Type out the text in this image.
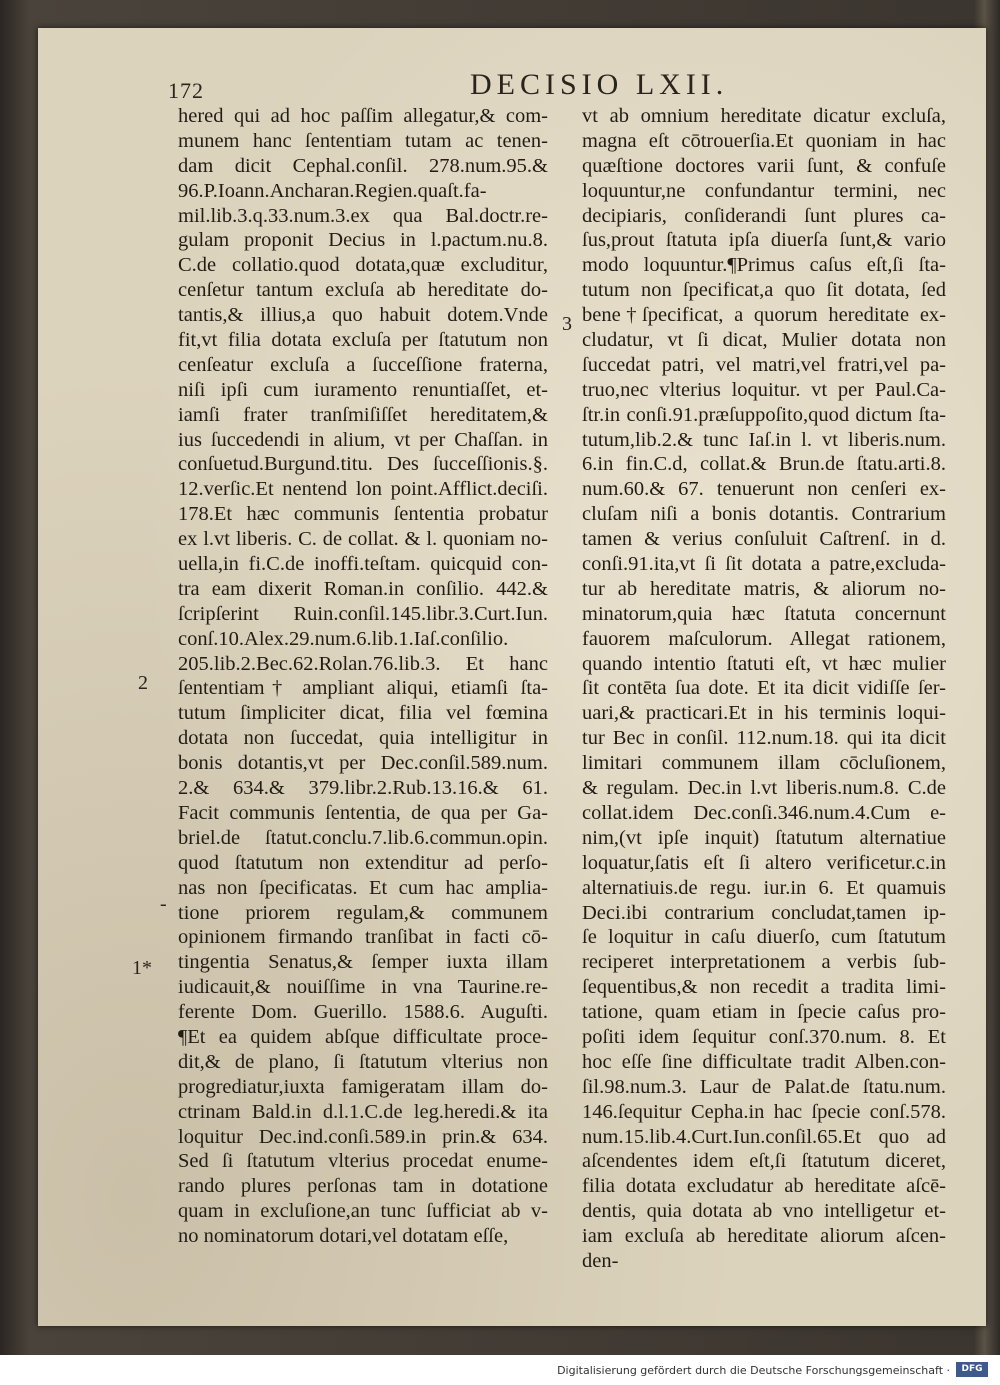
172	DECISIO LXII.
2
3
-
1*
hered qui ad hoc paſſim allegatur,& com-
munem hanc ſententiam tutam ac tenen-
dam dicit Cephal.conſil. 278.num.95.&
96.P.Ioann.Ancharan.Regien.quaſt.fa-
mil.lib.3.q.33.num.3.ex qua Bal.doctr.re-
gulam proponit Decius in l.pactum.nu.8.
C.de collatio.quod dotata,quæ excluditur,
cenſetur tantum excluſa ab hereditate do-
tantis,& illius,a quo habuit dotem.Vnde
fit,vt filia dotata excluſa per ſtatutum non
cenſeatur excluſa a ſucceſſione fraterna,
niſi ipſi cum iuramento renuntiaſſet, et-
iamſi frater tranſmiſiſſet hereditatem,&
ius ſuccedendi in alium, vt per Chaſſan. in
conſuetud.Burgund.titu. Des ſucceſſionis.§.
12.verſic.Et nentend lon point.Afflict.deciſi.
178.Et hæc communis ſententia probatur
ex l.vt liberis. C. de collat. & l. quoniam no-
uella,in fi.C.de inoffi.teſtam. quicquid con-
tra eam dixerit Roman.in conſilio. 442.&
ſcripſerint Ruin.conſil.145.libr.3.Curt.Iun.
conſ.10.Alex.29.num.6.lib.1.Iaſ.conſilio.
205.lib.2.Bec.62.Rolan.76.lib.3. Et hanc
ſententiam† ampliant aliqui, etiamſi ſta-
tutum ſimpliciter dicat, filia vel fœmina
dotata non ſuccedat, quia intelligitur in
bonis dotantis,vt per Dec.conſil.589.num.
2.& 634.& 379.libr.2.Rub.13.16.& 61.
Facit communis ſententia, de qua per Ga-
briel.de ſtatut.conclu.7.lib.6.commun.opin.
quod ſtatutum non extenditur ad perſo-
nas non ſpecificatas. Et cum hac amplia-
tione priorem regulam,& communem
opinionem firmando tranſibat in facti cō-
tingentia Senatus,& ſemper iuxta illam
iudicauit,& nouiſſime in vna Taurine.re-
ferente Dom. Guerillo. 1588.6. Auguſti.
¶Et ea quidem abſque difficultate proce-
dit,& de plano, ſi ſtatutum vlterius non
progrediatur,iuxta famigeratam illam do-
ctrinam Bald.in d.l.1.C.de leg.heredi.& ita
loquitur Dec.ind.conſi.589.in prin.& 634.
Sed ſi ſtatutum vlterius procedat enume-
rando plures perſonas tam in dotatione
quam in excluſione,an tunc ſufficiat ab v-
no nominatorum dotari,vel dotatam eſſe,
vt ab omnium hereditate dicatur excluſa,
magna eſt cōtrouerſia.Et quoniam in hac
quæſtione doctores varii ſunt, & confuſe
loquuntur,ne confundantur termini, nec
decipiaris, conſiderandi ſunt plures ca-
ſus,prout ſtatuta ipſa diuerſa ſunt,& vario
modo loquuntur.¶Primus caſus eſt,ſi ſta-
tutum non ſpecificat,a quo ſit dotata, ſed
bene†ſpecificat, a quorum hereditate ex-
cludatur, vt ſi dicat, Mulier dotata non
ſuccedat patri, vel matri,vel fratri,vel pa-
truo,nec vlterius loquitur. vt per Paul.Ca-
ſtr.in conſi.91.præſuppoſito,quod dictum ſta-
tutum,lib.2.& tunc Iaſ.in l. vt liberis.num.
6.in fin.C.d, collat.& Brun.de ſtatu.arti.8.
num.60.& 67. tenuerunt non cenſeri ex-
cluſam niſi a bonis dotantis. Contrarium
tamen & verius conſuluit Caſtrenſ. in d.
conſi.91.ita,vt ſi ſit dotata a patre,excluda-
tur ab hereditate matris, & aliorum no-
minatorum,quia hæc ſtatuta concernunt
fauorem maſculorum. Allegat rationem,
quando intentio ſtatuti eſt, vt hæc mulier
ſit contēta ſua dote. Et ita dicit vidiſſe ſer-
uari,& practicari.Et in his terminis loqui-
tur Bec in conſil. 112.num.18. qui ita dicit
limitari communem illam cōcluſionem,
& regulam. Dec.in l.vt liberis.num.8. C.de
collat.idem Dec.conſi.346.num.4.Cum e-
nim,(vt ipſe inquit) ſtatutum alternatiue
loquatur,ſatis eſt ſi altero verificetur.c.in
alternatiuis.de regu. iur.in 6. Et quamuis
Deci.ibi contrarium concludat,tamen ip-
ſe loquitur in caſu diuerſo, cum ſtatutum
reciperet interpretationem a verbis ſub-
ſequentibus,& non recedit a tradita limi-
tatione, quam etiam in ſpecie caſus pro-
poſiti idem ſequitur conſ.370.num. 8. Et
hoc eſſe ſine difficultate tradit Alben.con-
ſil.98.num.3. Laur de Palat.de ſtatu.num.
146.ſequitur Cepha.in hac ſpecie conſ.578.
num.15.lib.4.Curt.Iun.conſil.65.Et quo ad
aſcendentes idem eſt,ſi ſtatutum diceret,
filia dotata excludatur ab hereditate aſcē-
dentis, quia dotata ab vno intelligetur et-
iam excluſa ab hereditate aliorum aſcen-
den-
Digitalisierung gefördert durch die Deutsche Forschungsgemeinschaft ·	DFG
